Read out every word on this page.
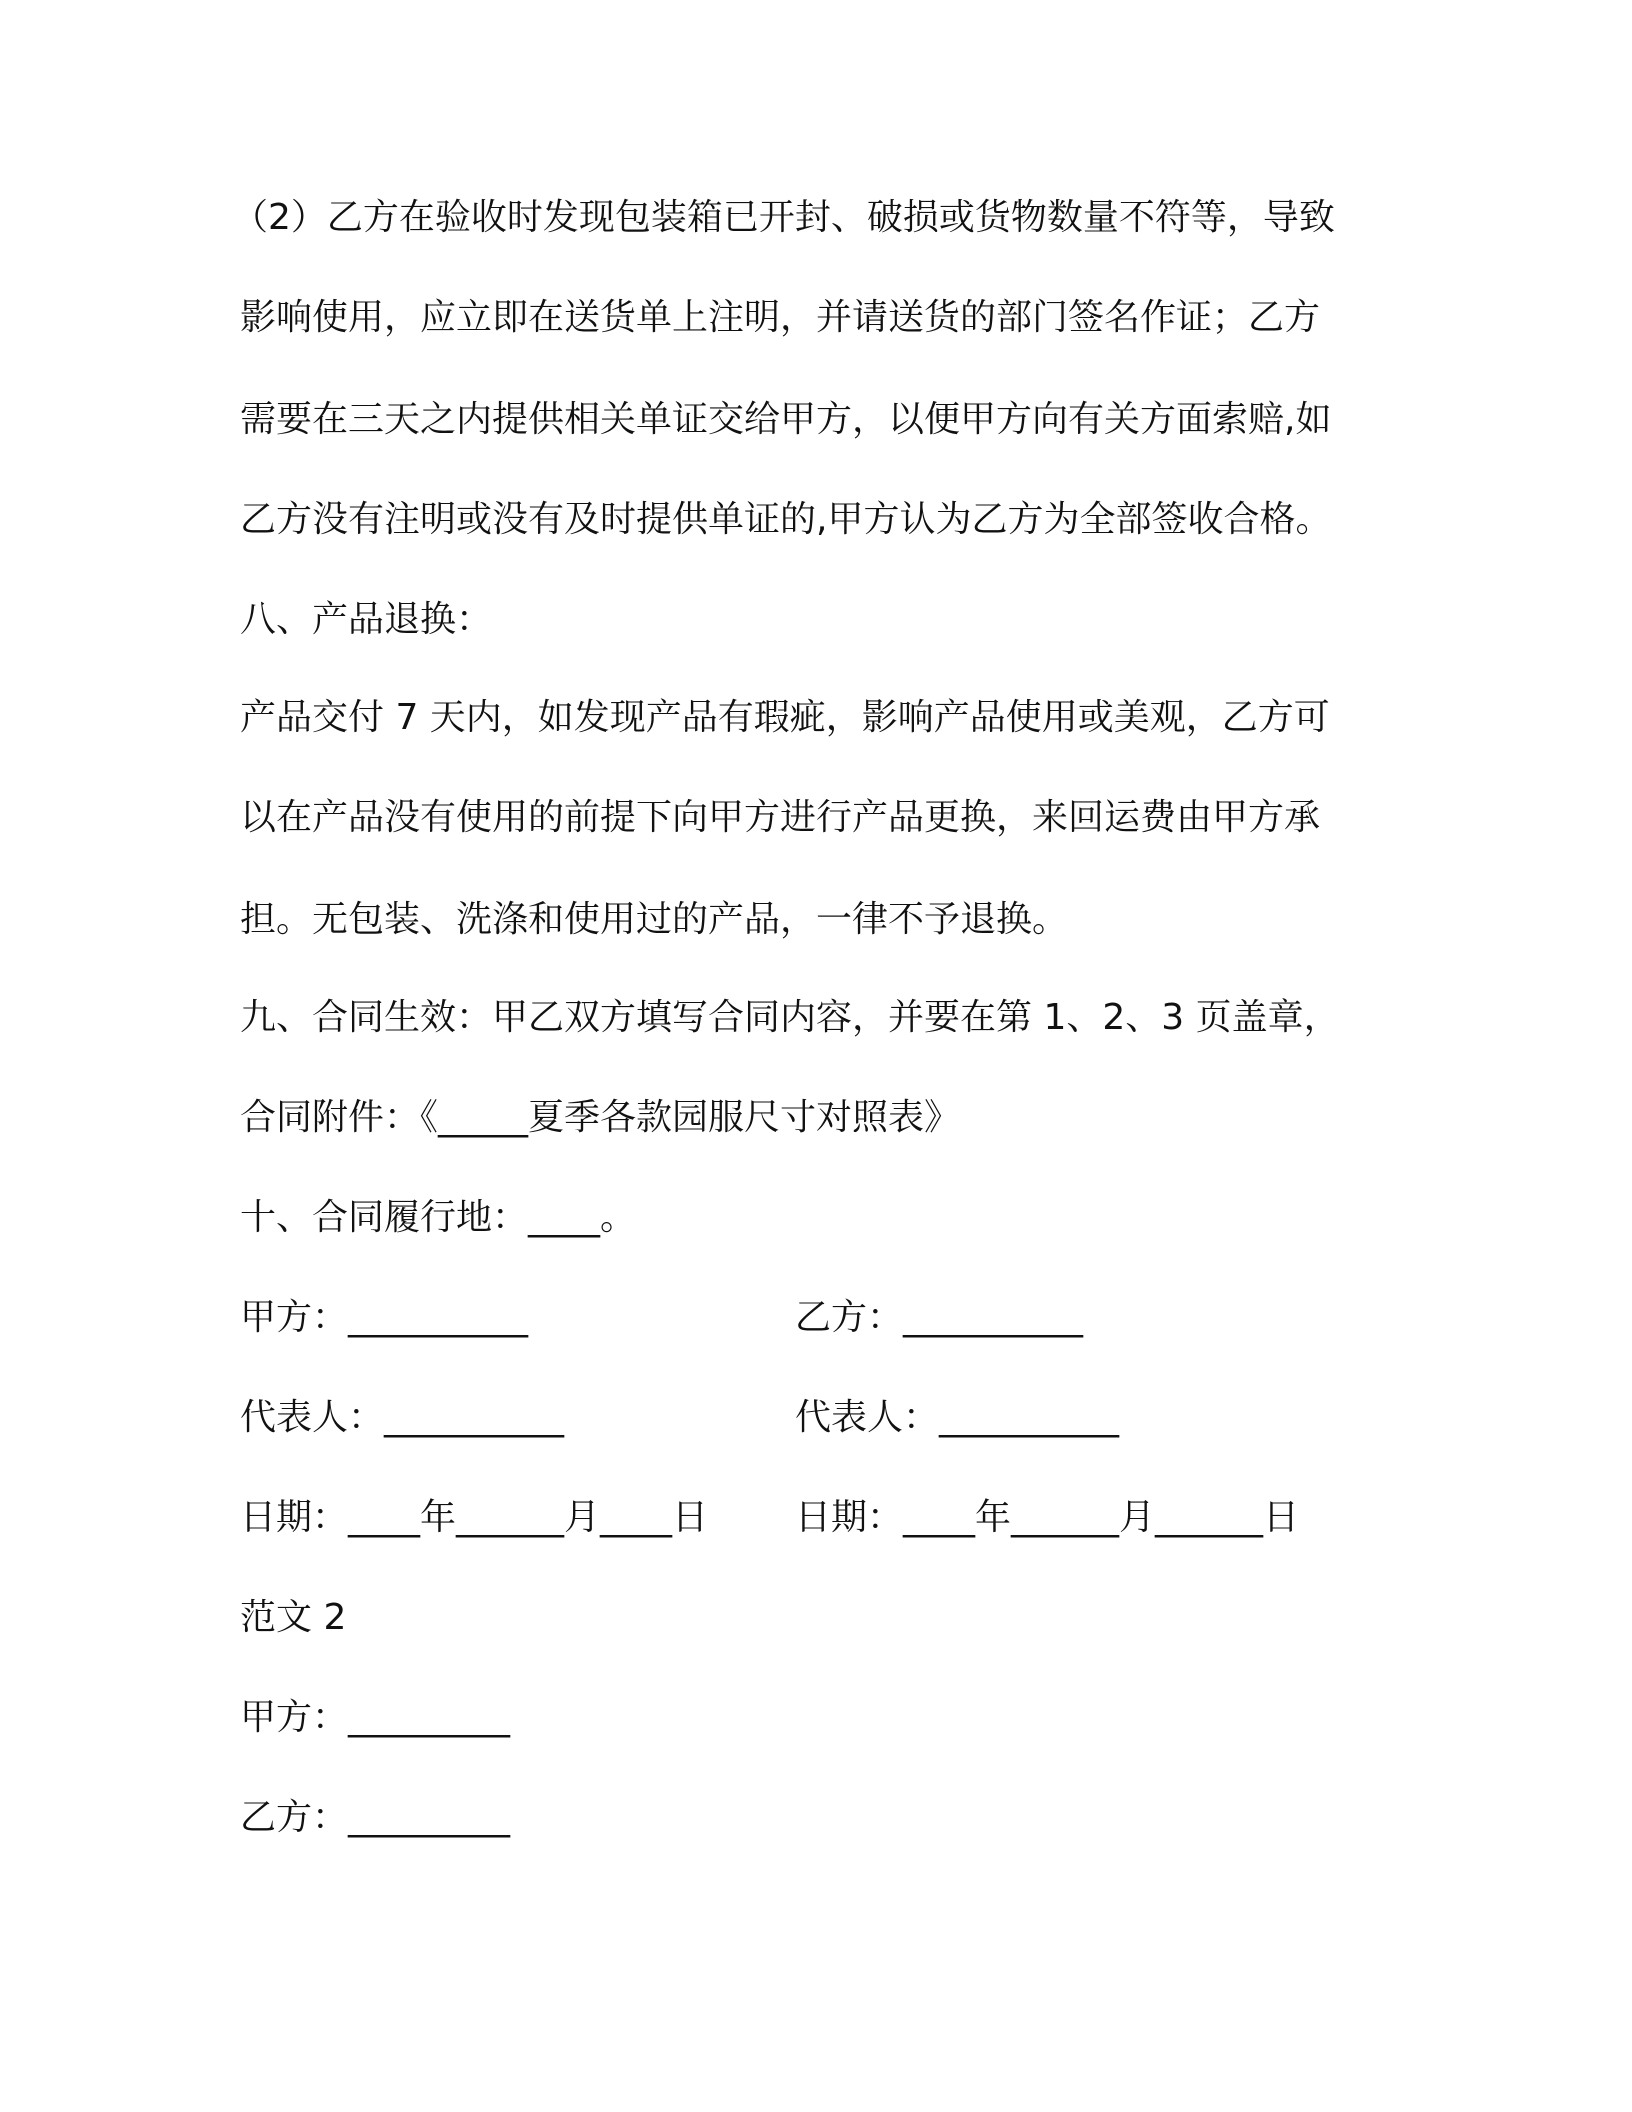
（2）乙方在验收时发现包装箱已开封、破损或货物数量不符等，导致
影响使用，应立即在送货单上注明，并请送货的部门签名作证；乙方
需要在三天之内提供相关单证交给甲方，以便甲方向有关方面索赔,如
乙方没有注明或没有及时提供单证的,甲方认为乙方为全部签收合格。
八、产品退换：
产品交付 7 天内，如发现产品有瑕疵，影响产品使用或美观，乙方可
以在产品没有使用的前提下向甲方进行产品更换，来回运费由甲方承
担。无包装、洗涤和使用过的产品，一律不予退换。
九、合同生效：甲乙双方填写合同内容，并要在第 1、2、3 页盖章，
合同附件：《_____夏季各款园服尺寸对照表》
十、合同履行地：____。
甲方：__________	乙方：__________
代表人：__________	代表人：__________
日期：____年______月____日 日期：____年______月______日
范文 2
甲方：_________
乙方：_________
